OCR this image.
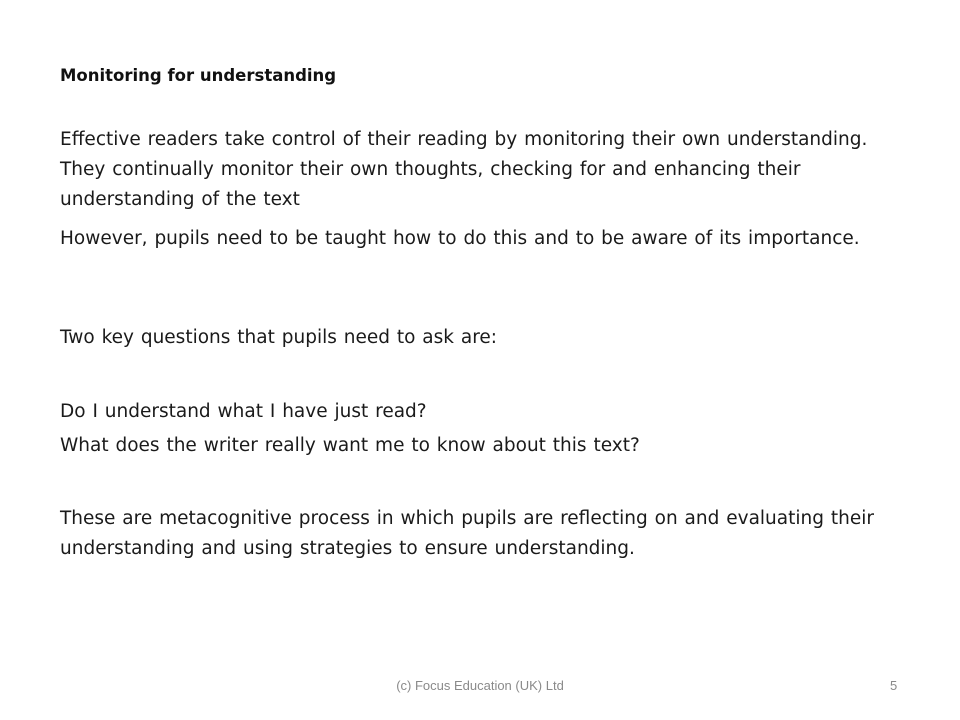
Monitoring for understanding

Effective readers take control of their reading by monitoring their own understanding. They continually monitor their own thoughts, checking for and enhancing their understanding of the text

However, pupils need to be taught how to do this and to be aware of its importance.

Two key questions that pupils need to ask are:

Do I understand what I have just read?

What does the writer really want me to know about this text?

These are metacognitive process in which pupils are reflecting on and evaluating their understanding and using strategies to ensure understanding.

(c) Focus Education (UK) Ltd	5
